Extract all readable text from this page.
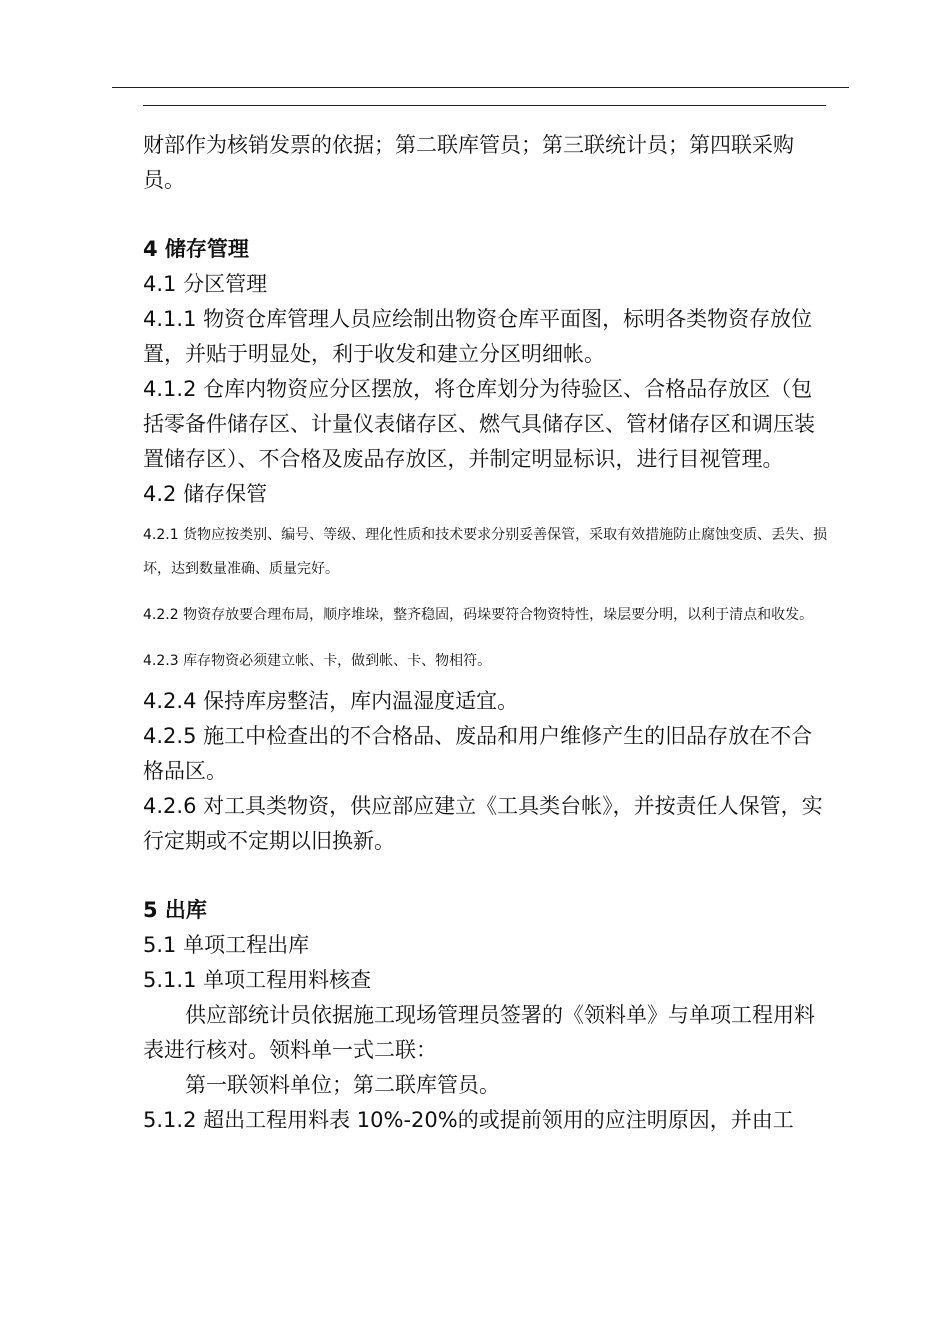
财部作为核销发票的依据；第二联库管员；第三联统计员；第四联采购员。

4 储存管理

4.1 分区管理

4.1.1 物资仓库管理人员应绘制出物资仓库平面图，标明各类物资存放位置，并贴于明显处，利于收发和建立分区明细帐。

4.1.2 仓库内物资应分区摆放，将仓库划分为待验区、合格品存放区（包括零备件储存区、计量仪表储存区、燃气具储存区、管材储存区和调压装置储存区）、不合格及废品存放区，并制定明显标识，进行目视管理。

4.2 储存保管

4.2.1 货物应按类别、编号、等级、理化性质和技术要求分别妥善保管，采取有效措施防止腐蚀变质、丢失、损坏，达到数量准确、质量完好。

4.2.2 物资存放要合理布局，顺序堆垛，整齐稳固，码垛要符合物资特性，垛层要分明，以利于清点和收发。

4.2.3 库存物资必须建立帐、卡，做到帐、卡、物相符。

4.2.4 保持库房整洁，库内温湿度适宜。

4.2.5 施工中检查出的不合格品、废品和用户维修产生的旧品存放在不合格品区。

4.2.6 对工具类物资，供应部应建立《工具类台帐》，并按责任人保管，实行定期或不定期以旧换新。

5 出库

5.1 单项工程出库

5.1.1 单项工程用料核查

供应部统计员依据施工现场管理员签署的《领料单》与单项工程用料表进行核对。领料单一式二联：

第一联领料单位；第二联库管员。

5.1.2 超出工程用料表 10%-20%的或提前领用的应注明原因，并由工
